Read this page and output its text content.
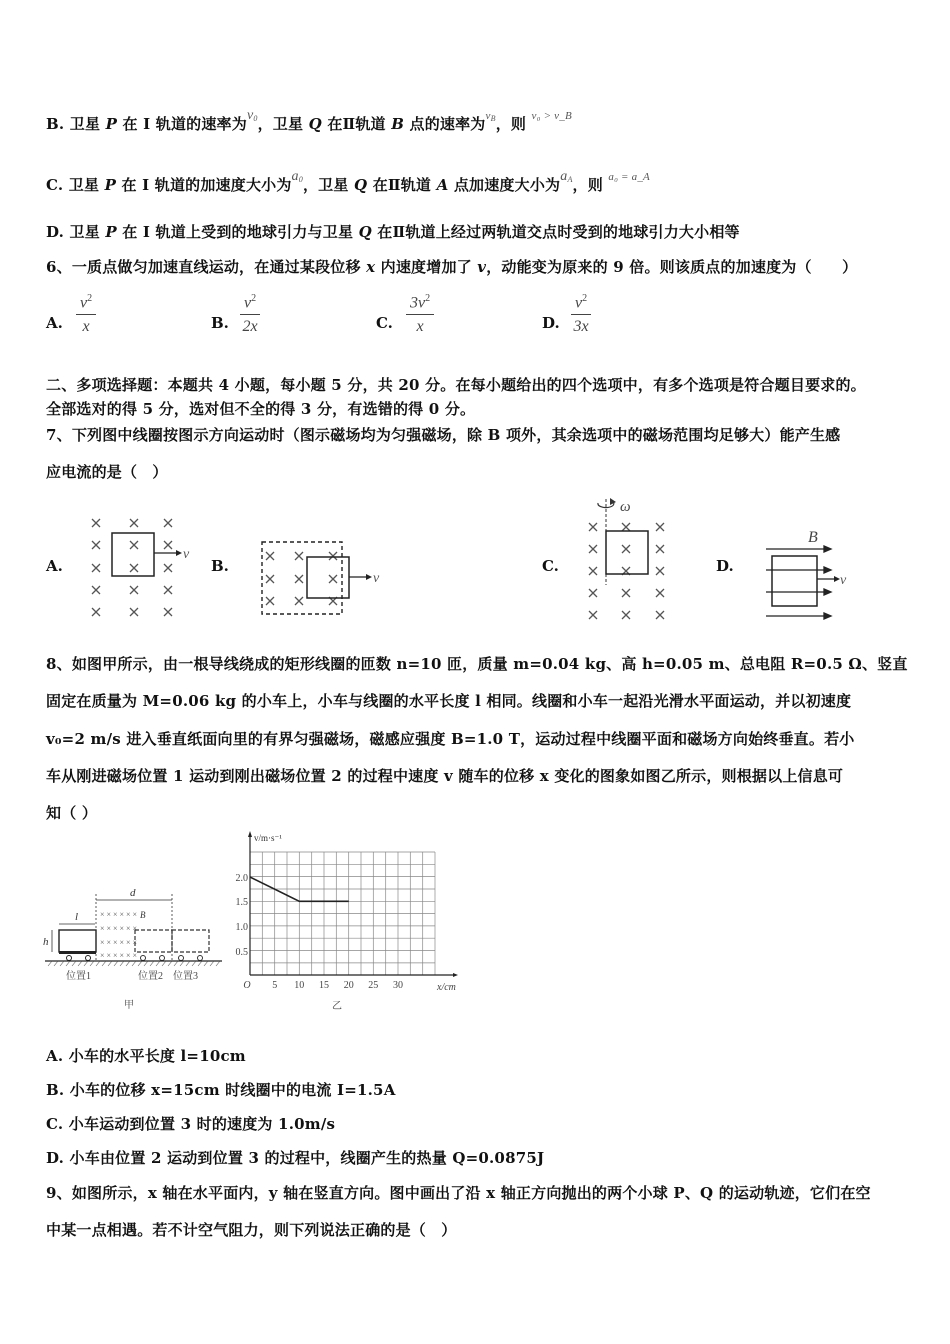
B. 卫星 P 在 I 轨道的速率为v0，卫星 Q 在Ⅱ轨道 B 点的速率为$^{vB}$，则 $^{v_0 > v\_B}$
C. 卫星 P 在 I 轨道的加速度大小为a0，卫星 Q 在Ⅱ轨道 A 点加速度大小为aA，则 $^{a_0 = a\_A}$
D. 卫星 P 在 I 轨道上受到的地球引力与卫星 Q 在Ⅱ轨道上经过两轨道交点时受到的地球引力大小相等
6、一质点做匀加速直线运动，在通过某段位移 x 内速度增加了 v，动能变为原来的 9 倍。则该质点的加速度为（　　）
A. $\frac{v^2}{x}$	B. $\frac{v^2}{2x}$	C. $\frac{3v^2}{x}$	D. $\frac{v^2}{3x}$
二、多项选择题：本题共 4 小题，每小题 5 分，共 20 分。在每小题给出的四个选项中，有多个选项是符合题目要求的。
全部选对的得 5 分，选对但不全的得 3 分，有选错的得 0 分。
7、下列图中线圈按图示方向运动时（图示磁场均为匀强磁场，除 B 项外，其余选项中的磁场范围均足够大）能产生感
应电流的是（　）
A.
v
B.
v
C.
ω
D.
B
v
8、如图甲所示，由一根导线绕成的矩形线圈的匝数 n=10 匝，质量 m=0.04 kg、高 h=0.05 m、总电阻 R=0.5 Ω、竖直
固定在质量为 M=0.06 kg 的小车上，小车与线圈的水平长度 l 相同。线圈和小车一起沿光滑水平面运动，并以初速度
v₀=2 m/s 进入垂直纸面向里的有界匀强磁场，磁感应强度 B=1.0 T，运动过程中线圈平面和磁场方向始终垂直。若小
车从刚进磁场位置 1 运动到刚出磁场位置 2 的过程中速度 v 随车的位移 x 变化的图象如图乙所示，则根据以上信息可
知（ ）
d
× × × × × ×
× × × × × ×
× × × × × ×
× × × × × ×
B
l
h
位置1	位置2 位置3
甲
v/m·s⁻¹
2.0
1.5
1.0
0.5
O 5 10 15 20 25 30	x/cm
乙
A. 小车的水平长度 l=10cm
B. 小车的位移 x=15cm 时线圈中的电流 I=1.5A
C. 小车运动到位置 3 时的速度为 1.0m/s
D. 小车由位置 2 运动到位置 3 的过程中，线圈产生的热量 Q=0.0875J
9、如图所示，x 轴在水平面内，y 轴在竖直方向。图中画出了沿 x 轴正方向抛出的两个小球 P、Q 的运动轨迹，它们在空
中某一点相遇。若不计空气阻力，则下列说法正确的是（　）
